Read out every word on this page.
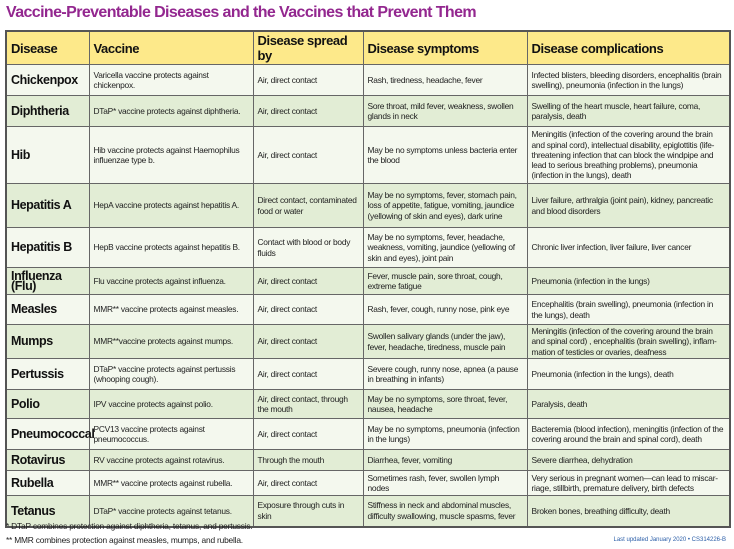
Vaccine-Preventable Diseases and the Vaccines that Prevent Them
Disease	Vaccine	Disease spread by	Disease symptoms	Disease complications
Chickenpox	Varicella vaccine protects against chickenpox.	Air, direct contact	Rash, tiredness, headache, fever	Infected blisters, bleeding disorders, encephalitis (brain swelling), pneumonia (infection in the lungs)
Diphtheria	DTaP* vaccine protects against diphtheria.	Air, direct contact	Sore throat, mild fever, weakness, swollen glands in neck	Swelling of the heart muscle, heart failure, coma, paralysis, death
Hib	Hib vaccine protects against Haemophilus influenzae type b.	Air, direct contact	May be no symptoms unless bacteria enter the blood	Meningitis (infection of the covering around the brain and spinal cord), intellectual disability, epiglottitis (life-threatening infection that can block the windpipe and lead to serious breathing problems), pneumonia (infection in the lungs), death
Hepatitis A	HepA vaccine protects against hepatitis A.	Direct contact, contaminated food or water	May be no symptoms, fever, stomach pain, loss of appetite, fatigue, vomiting, jaundice (yellowing of skin and eyes), dark urine	Liver failure, arthralgia (joint pain), kidney, pancreatic and blood disorders
Hepatitis B	HepB vaccine protects against hepatitis B.	Contact with blood or body fluids	May be no symptoms, fever, headache, weakness, vomiting, jaundice (yellowing of skin and eyes), joint pain	Chronic liver infection, liver failure, liver cancer
Influenza (Flu)	Flu vaccine protects against influenza.	Air, direct contact	Fever, muscle pain, sore throat, cough, extreme fatigue	Pneumonia (infection in the lungs)
Measles	MMR** vaccine protects against measles.	Air, direct contact	Rash, fever, cough, runny nose, pink eye	Encephalitis (brain swelling), pneumonia (infection in the lungs), death
Mumps	MMR**vaccine protects against mumps.	Air, direct contact	Swollen salivary glands (under the jaw), fever, headache, tiredness, muscle pain	Meningitis (infection of the covering around the brain and spinal cord) , encephalitis (brain swelling), inflam-mation of testicles or ovaries, deafness
Pertussis	DTaP* vaccine protects against pertussis (whooping cough).	Air, direct contact	Severe cough, runny nose, apnea (a pause in breathing in infants)	Pneumonia (infection in the lungs), death
Polio	IPV vaccine protects against polio.	Air, direct contact, through the mouth	May be no symptoms, sore throat, fever, nausea, headache	Paralysis, death
Pneumococcal	PCV13 vaccine protects against pneumococcus.	Air, direct contact	May be no symptoms, pneumonia (infection in the lungs)	Bacteremia (blood infection), meningitis (infection of the covering around the brain and spinal cord), death
Rotavirus	RV vaccine protects against rotavirus.	Through the mouth	Diarrhea, fever, vomiting	Severe diarrhea, dehydration
Rubella	MMR** vaccine protects against rubella.	Air, direct contact	Sometimes rash, fever, swollen lymph nodes	Very serious in pregnant women—can lead to miscar-riage, stillbirth, premature delivery, birth defects
Tetanus	DTaP* vaccine protects against tetanus.	Exposure through cuts in skin	Stiffness in neck and abdominal muscles, difficulty swallowing, muscle spasms, fever	Broken bones, breathing difficulty, death
* DTaP combines protection against diphtheria, tetanus, and pertussis.
** MMR combines protection against measles, mumps, and rubella.	Last updated January 2020 • CS314226-B
